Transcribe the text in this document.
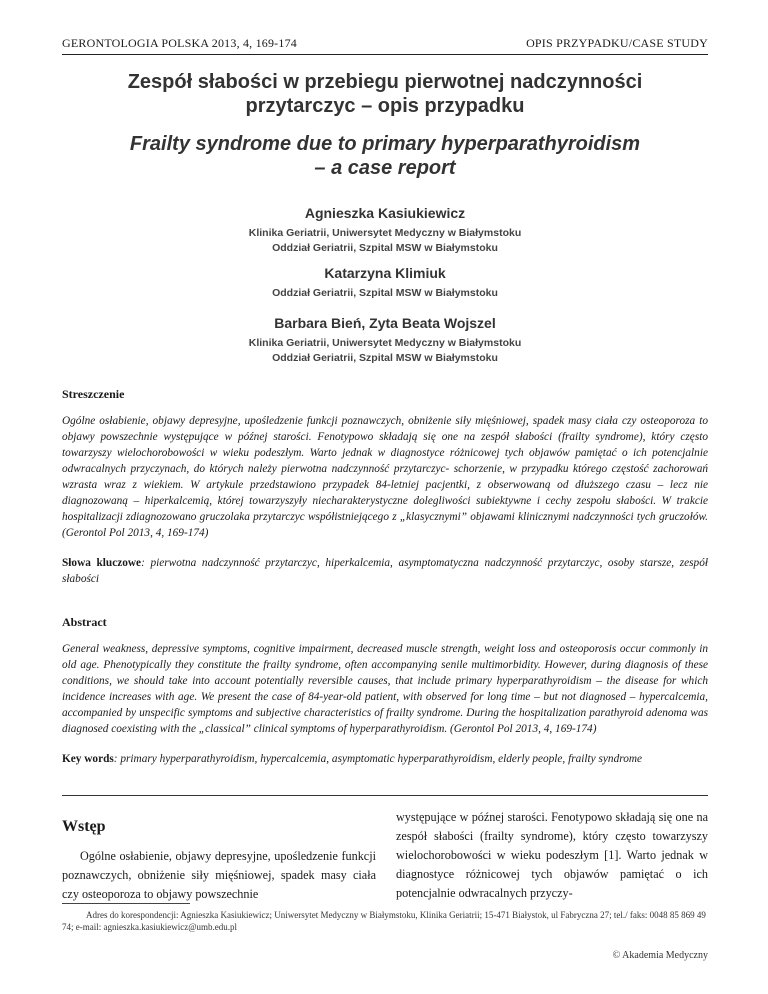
GERONTOLOGIA POLSKA 2013, 4, 169-174	OPIS PRZYPADKU/CASE STUDY
Zespół słabości w przebiegu pierwotnej nadczynności
przytarczyc – opis przypadku
Frailty syndrome due to primary hyperparathyroidism
– a case report
Agnieszka Kasiukiewicz
Klinika Geriatrii, Uniwersytet Medyczny w Białymstoku
Oddział Geriatrii, Szpital MSW w Białymstoku
Katarzyna Klimiuk
Oddział Geriatrii, Szpital MSW w Białymstoku
Barbara Bień, Zyta Beata Wojszel
Klinika Geriatrii, Uniwersytet Medyczny w Białymstoku
Oddział Geriatrii, Szpital MSW w Białymstoku
Streszczenie
Ogólne osłabienie, objawy depresyjne, upośledzenie funkcji poznawczych, obniżenie siły mięśniowej, spadek masy ciała czy osteoporoza to objawy powszechnie występujące w późnej starości. Fenotypowo składają się one na zespół słabości (frailty syndrome), który często towarzyszy wielochorobowości w wieku podeszłym. Warto jednak w diagnostyce różnicowej tych objawów pamiętać o ich potencjalnie odwracalnych przyczynach, do których należy pierwotna nadczynność przytarczyc- schorzenie, w przypadku którego częstość zachorowań wzrasta wraz z wiekiem. W artykule przedstawiono przypadek 84-letniej pacjentki, z obserwowaną od dłuższego czasu – lecz nie diagnozowaną – hiperkalcemią, której towarzyszyły niecharakterystyczne dolegliwości subiektywne i cechy zespołu słabości. W trakcie hospitalizacji zdiagnozowano gruczolaka przytarczyc współistniejącego z „klasycznymi” objawami klinicznymi nadczynności tych gruczołów. (Gerontol Pol 2013, 4, 169-174)
Słowa kluczowe: pierwotna nadczynność przytarczyc, hiperkalcemia, asymptomatyczna nadczynność przytarczyc, osoby starsze, zespół słabości
Abstract
General weakness, depressive symptoms, cognitive impairment, decreased muscle strength, weight loss and osteoporosis occur commonly in old age. Phenotypically they constitute the frailty syndrome, often accompanying senile multimorbidity. However, during diagnosis of these conditions, we should take into account potentially reversible causes, that include primary hyperparathyroidism – the disease for which incidence increases with age. We present the case of 84-year-old patient, with observed for long time – but not diagnosed – hypercalcemia, accompanied by unspecific symptoms and subjective characteristics of frailty syndrome. During the hospitalization parathyroid adenoma was diagnosed coexisting with the „classical” clinical symptoms of hyperparathyroidism. (Gerontol Pol 2013, 4, 169-174)
Key words: primary hyperparathyroidism, hypercalcemia, asymptomatic hyperparathyroidism, elderly people, frailty syndrome
Wstęp
Ogólne osłabienie, objawy depresyjne, upośledzenie funkcji poznawczych, obniżenie siły mięśniowej, spadek masy ciała czy osteoporoza to objawy powszechnie
występujące w późnej starości. Fenotypowo składają się one na zespół słabości (frailty syndrome), który często towarzyszy wielochorobowości w wieku podeszłym [1]. Warto jednak w diagnostyce różnicowej tych objawów pamiętać o ich potencjalnie odwracalnych przyczy-
Adres do korespondencji: Agnieszka Kasiukiewicz; Uniwersytet Medyczny w Białymstoku, Klinika Geriatrii; 15-471 Białystok, ul Fabryczna 27; tel./ faks: 0048 85 869 49 74; e-mail: agnieszka.kasiukiewicz@umb.edu.pl
© Akademia Medyczny
